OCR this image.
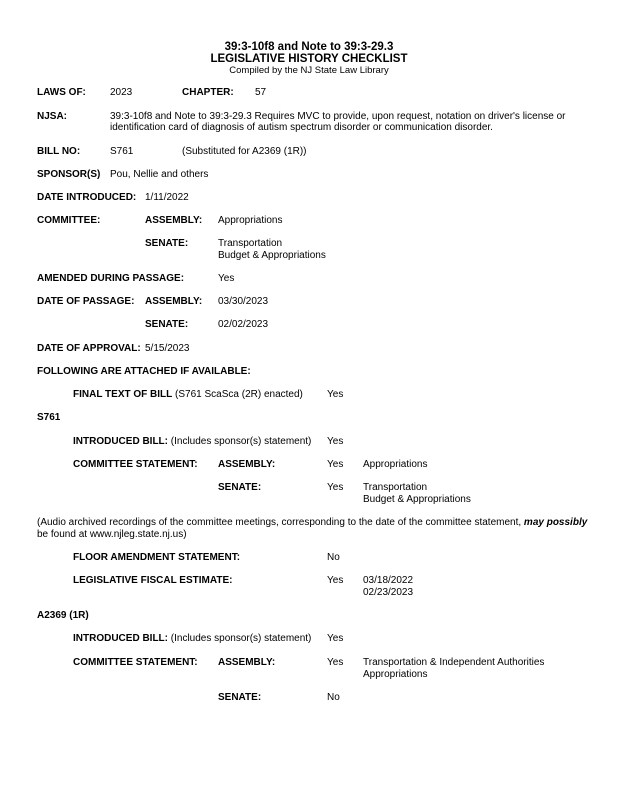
39:3-10f8 and Note to 39:3-29.3
LEGISLATIVE HISTORY CHECKLIST
Compiled by the NJ State Law Library
LAWS OF: 2023	CHAPTER: 57
NJSA:	39:3-10f8 and Note to 39:3-29.3 Requires MVC to provide, upon request, notation on driver's license or
identification card of diagnosis of autism spectrum disorder or communication disorder.
BILL NO:	S761	(Substituted for A2369 (1R))
SPONSOR(S) Pou, Nellie and others
DATE INTRODUCED: 1/11/2022
COMMITTEE:	ASSEMBLY: Appropriations
SENATE:	Transportation
Budget & Appropriations
AMENDED DURING PASSAGE:	Yes
DATE OF PASSAGE: ASSEMBLY: 03/30/2023
SENATE:	02/02/2023
DATE OF APPROVAL: 5/15/2023
FOLLOWING ARE ATTACHED IF AVAILABLE:
FINAL TEXT OF BILL (S761 ScaSca (2R) enacted) Yes
S761
INTRODUCED BILL: (Includes sponsor(s) statement) Yes
COMMITTEE STATEMENT: ASSEMBLY:	Yes Appropriations
SENATE:	Yes Transportation
Budget & Appropriations
(Audio archived recordings of the committee meetings, corresponding to the date of the committee statement, may possibly
be found at www.njleg.state.nj.us)
FLOOR AMENDMENT STATEMENT:	No
LEGISLATIVE FISCAL ESTIMATE:	Yes 03/18/2022
02/23/2023
A2369 (1R)
INTRODUCED BILL: (Includes sponsor(s) statement) Yes
COMMITTEE STATEMENT: ASSEMBLY:	Yes Transportation & Independent Authorities
Appropriations
SENATE:	No
